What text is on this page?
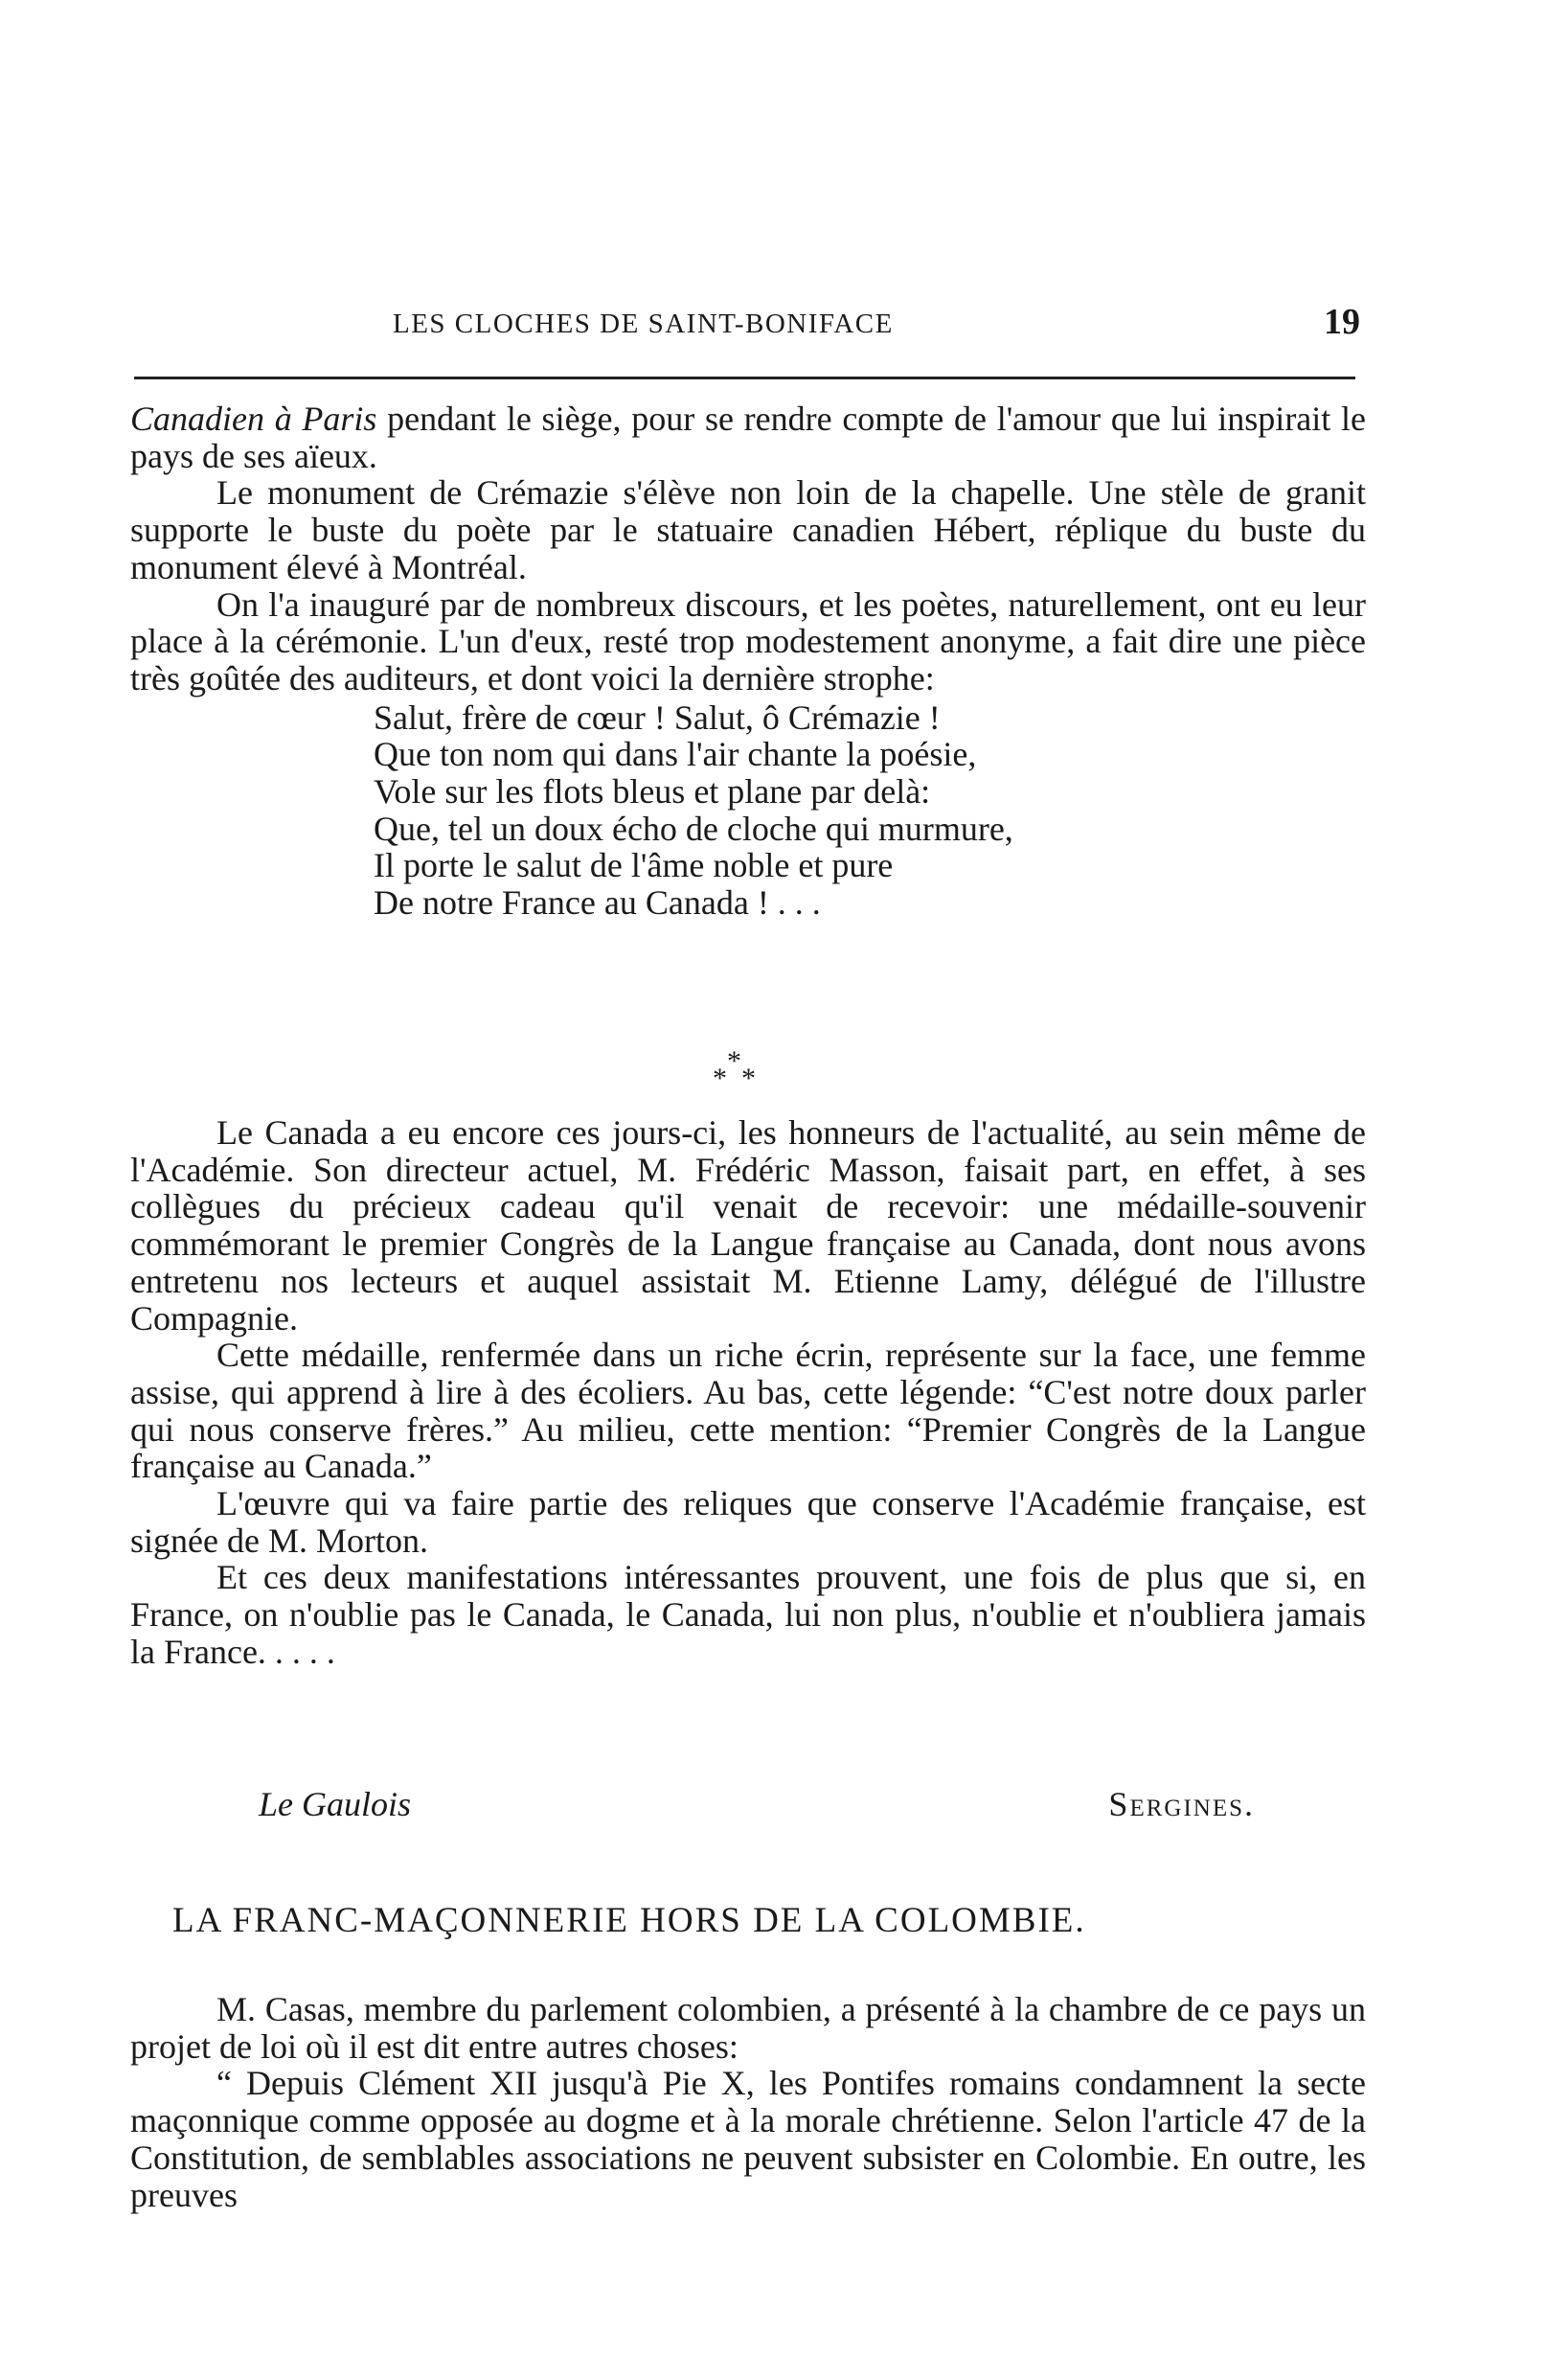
LES CLOCHES DE SAINT-BONIFACE	19

Canadien à Paris pendant le siège, pour se rendre compte de l'amour que lui inspirait le pays de ses aïeux.

Le monument de Crémazie s'élève non loin de la chapelle. Une stèle de granit supporte le buste du poète par le statuaire canadien Hébert, réplique du buste du monument élevé à Montréal.

On l'a inauguré par de nombreux discours, et les poètes, naturellement, ont eu leur place à la cérémonie. L'un d'eux, resté trop modestement anonyme, a fait dire une pièce très goûtée des auditeurs, et dont voici la dernière strophe:

Salut, frère de cœur ! Salut, ô Crémazie !
Que ton nom qui dans l'air chante la poésie,
Vole sur les flots bleus et plane par delà:
Que, tel un doux écho de cloche qui murmure,
Il porte le salut de l'âme noble et pure
De notre France au Canada ! . . .
*
* *

Le Canada a eu encore ces jours-ci, les honneurs de l'actualité, au sein même de l'Académie. Son directeur actuel, M. Frédéric Masson, faisait part, en effet, à ses collègues du précieux cadeau qu'il venait de recevoir: une médaille-souvenir commémorant le premier Congrès de la Langue française au Canada, dont nous avons entretenu nos lecteurs et auquel assistait M. Etienne Lamy, délégué de l'illustre Compagnie.

Cette médaille, renfermée dans un riche écrin, représente sur la face, une femme assise, qui apprend à lire à des écoliers. Au bas, cette légende: “C'est notre doux parler qui nous conserve frères.” Au milieu, cette mention: “Premier Congrès de la Langue française au Canada.”

L'œuvre qui va faire partie des reliques que conserve l'Académie française, est signée de M. Morton.

Et ces deux manifestations intéressantes prouvent, une fois de plus que si, en France, on n'oublie pas le Canada, le Canada, lui non plus, n'oublie et n'oubliera jamais la France. . . . .

Le Gaulois	Sergines.
LA FRANC-MAÇONNERIE HORS DE LA COLOMBIE.

M. Casas, membre du parlement colombien, a présenté à la chambre de ce pays un projet de loi où il est dit entre autres choses:

“ Depuis Clément XII jusqu'à Pie X, les Pontifes romains condamnent la secte maçonnique comme opposée au dogme et à la morale chrétienne. Selon l'article 47 de la Constitution, de semblables associations ne peuvent subsister en Colombie. En outre, les preuves
